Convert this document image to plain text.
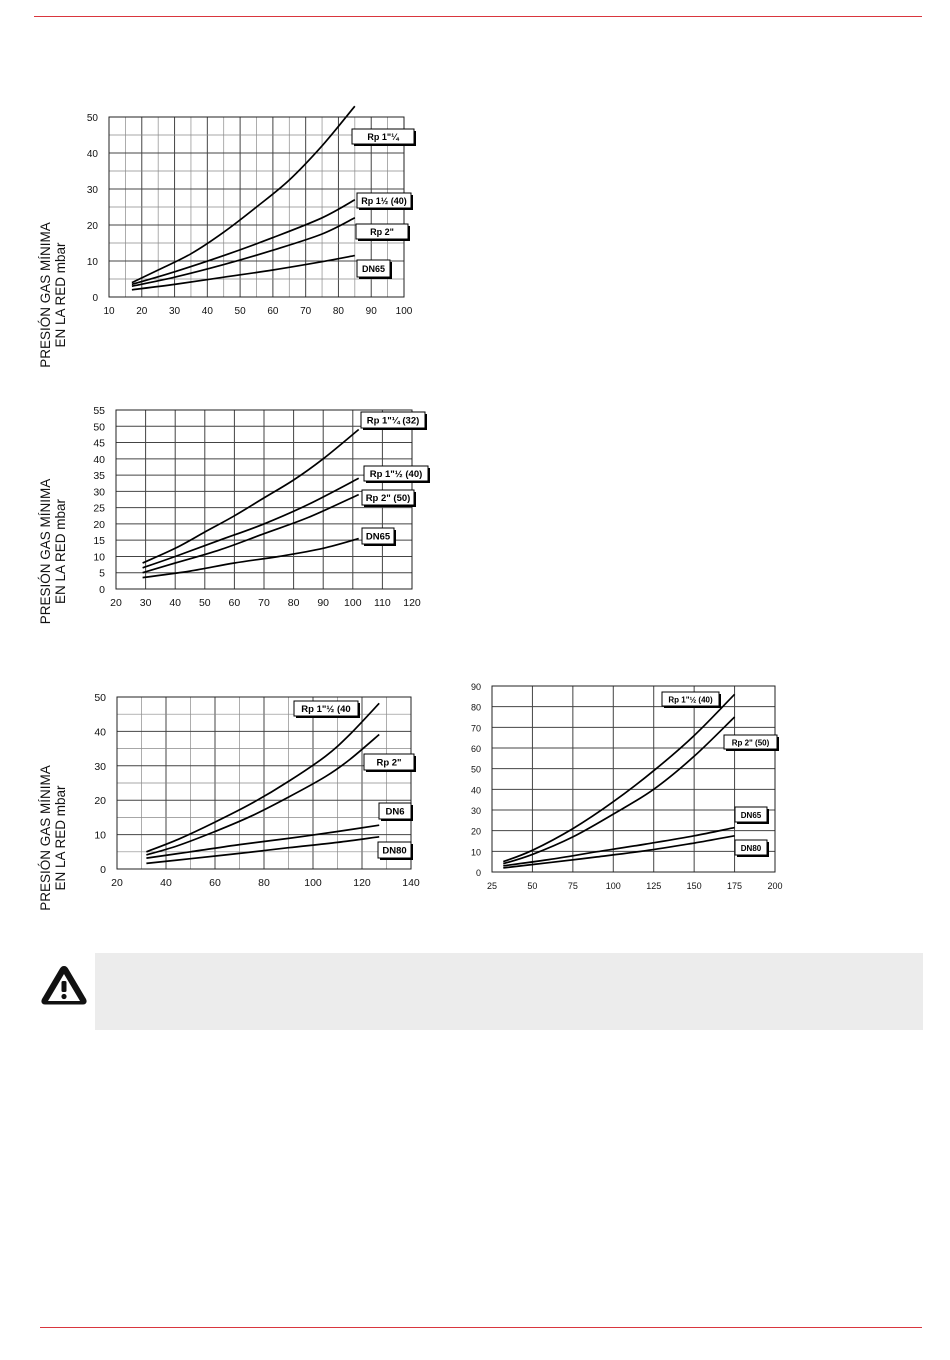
PRESIÓN GAS MÍNIMA EN LA RED mbar
PRESIÓN GAS MÍNIMA EN LA RED mbar
PRESIÓN GAS MÍNIMA EN LA RED mbar
10 20 30 40 50 60 70 80 90 100
0
10
20
30
40
50
Rp 1"¼
Rp 1½ (40)
Rp 2"
DN65
20 30 40 50 60 70 80 90 100 110 120
0
5
10
15
20
25
30
35
40
45
50
55
Rp 1"¼ (32)
Rp 1"½ (40)
Rp 2" (50)
DN65
20	40	60	80	100	120	140
0
10
20
30
40
50
Rp 1"½ (40
Rp 2"
DN6
DN80
25	50	75	100	125	150	175	200
0
10
20
30
40
50
60
70
80
90
Rp 1"½ (40)
Rp 2" (50)
DN65
DN80
